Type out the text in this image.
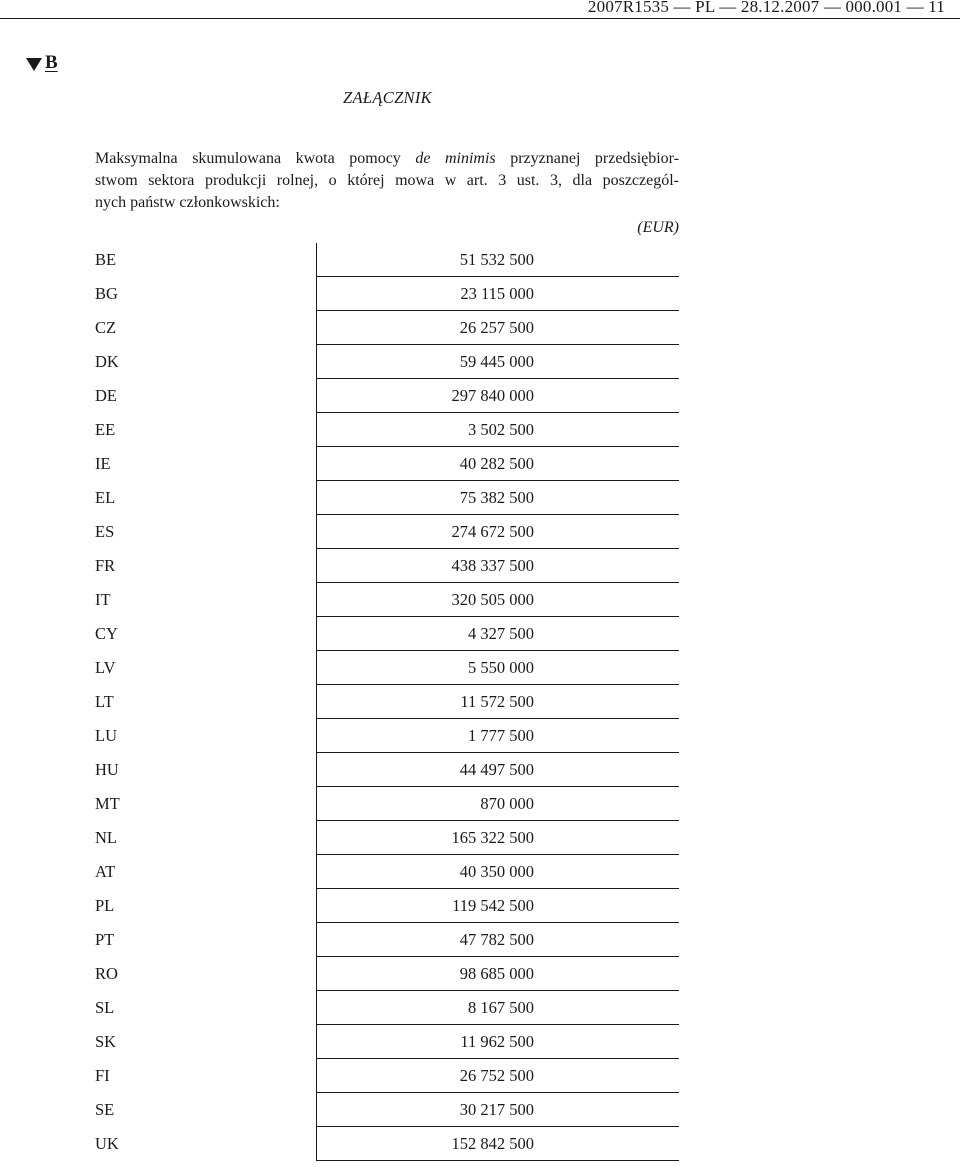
2007R1535 — PL — 28.12.2007 — 000.001 — 11
B
ZAŁĄCZNIK
Maksymalna skumulowana kwota pomocy de minimis przyznanej przedsiębior-
stwom sektora produkcji rolnej, o której mowa w art. 3 ust. 3, dla poszczegól-
nych państw członkowskich:
(EUR)
BE	51 532 500
BG	23 115 000
CZ	26 257 500
DK	59 445 000
DE	297 840 000
EE	3 502 500
IE	40 282 500
EL	75 382 500
ES	274 672 500
FR	438 337 500
IT	320 505 000
CY	4 327 500
LV	5 550 000
LT	11 572 500
LU	1 777 500
HU	44 497 500
MT	870 000
NL	165 322 500
AT	40 350 000
PL	119 542 500
PT	47 782 500
RO	98 685 000
SL	8 167 500
SK	11 962 500
FI	26 752 500
SE	30 217 500
UK	152 842 500
